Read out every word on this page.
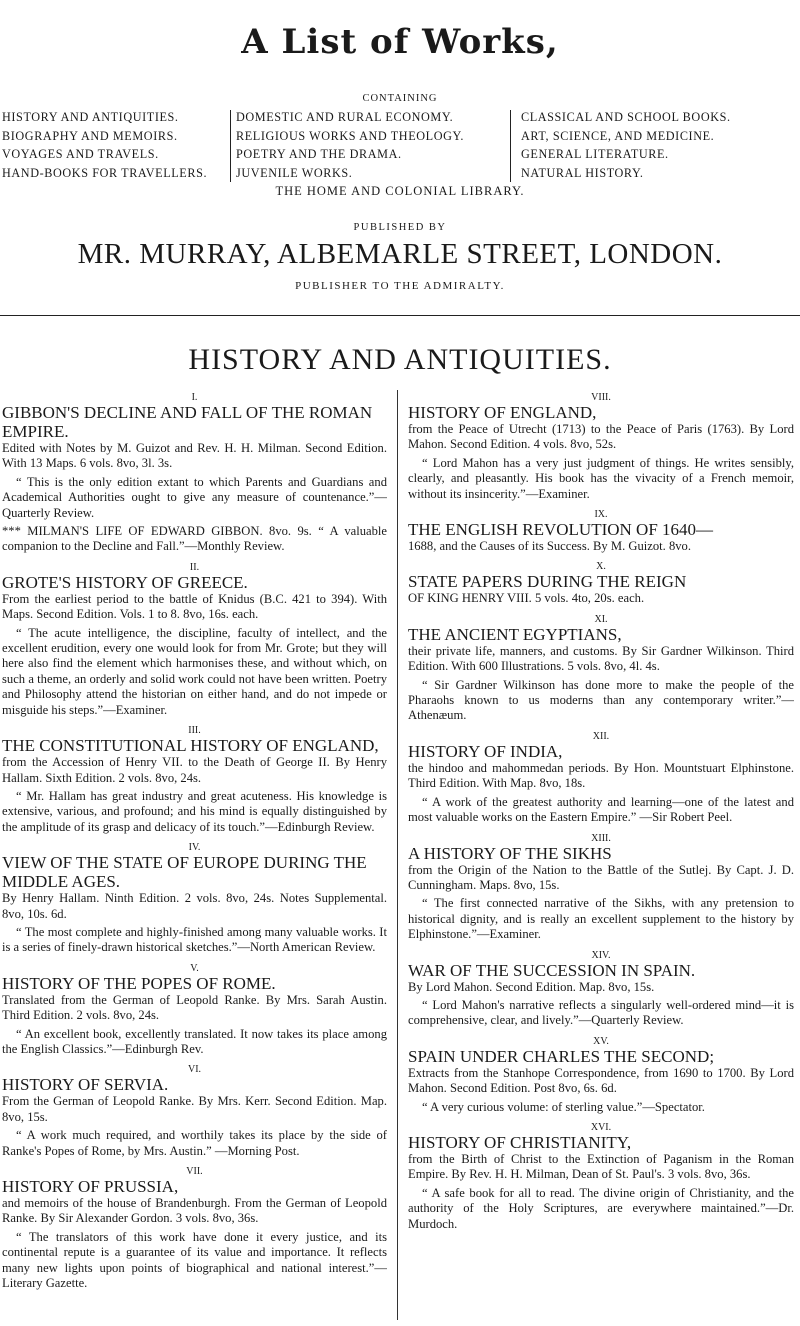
A List of Works,
CONTAINING
HISTORY AND ANTIQUITIES.
BIOGRAPHY AND MEMOIRS.
VOYAGES AND TRAVELS.
HAND-BOOKS FOR TRAVELLERS.
DOMESTIC AND RURAL ECONOMY.
RELIGIOUS WORKS AND THEOLOGY.
POETRY AND THE DRAMA.
JUVENILE WORKS.
CLASSICAL AND SCHOOL BOOKS.
ART, SCIENCE, AND MEDICINE.
GENERAL LITERATURE.
NATURAL HISTORY.
THE HOME AND COLONIAL LIBRARY.
PUBLISHED BY
MR. MURRAY, ALBEMARLE STREET, LONDON.
PUBLISHER TO THE ADMIRALTY.
HISTORY AND ANTIQUITIES.
I.
GIBBON'S DECLINE AND FALL OF THE ROMAN EMPIRE.
Edited with Notes by M. Guizot and Rev. H. H. Milman. Second Edition. With 13 Maps. 6 vols. 8vo, 3l. 3s.
“ This is the only edition extant to which Parents and Guardians and Academical Authorities ought to give any measure of countenance.”—Quarterly Review.
*** MILMAN'S LIFE OF EDWARD GIBBON. 8vo. 9s. “ A valuable companion to the Decline and Fall.”—Monthly Review.
II.
GROTE'S HISTORY OF GREECE.
From the earliest period to the battle of Knidus (B.C. 421 to 394). With Maps. Second Edition. Vols. 1 to 8. 8vo, 16s. each.
“ The acute intelligence, the discipline, faculty of intellect, and the excellent erudition, every one would look for from Mr. Grote; but they will here also find the element which harmonises these, and without which, on such a theme, an orderly and solid work could not have been written. Poetry and Philosophy attend the historian on either hand, and do not impede or misguide his steps.”—Examiner.
III.
THE CONSTITUTIONAL HISTORY OF ENGLAND,
from the Accession of Henry VII. to the Death of George II. By Henry Hallam. Sixth Edition. 2 vols. 8vo, 24s.
“ Mr. Hallam has great industry and great acuteness. His knowledge is extensive, various, and profound; and his mind is equally distinguished by the amplitude of its grasp and delicacy of its touch.”—Edinburgh Review.
IV.
VIEW OF THE STATE OF EUROPE DURING THE MIDDLE AGES.
By Henry Hallam. Ninth Edition. 2 vols. 8vo, 24s. Notes Supplemental. 8vo, 10s. 6d.
“ The most complete and highly-finished among many valuable works. It is a series of finely-drawn historical sketches.”—North American Review.
V.
HISTORY OF THE POPES OF ROME.
Translated from the German of Leopold Ranke. By Mrs. Sarah Austin. Third Edition. 2 vols. 8vo, 24s.
“ An excellent book, excellently translated. It now takes its place among the English Classics.”—Edinburgh Rev.
VI.
HISTORY OF SERVIA.
From the German of Leopold Ranke. By Mrs. Kerr. Second Edition. Map. 8vo, 15s.
“ A work much required, and worthily takes its place by the side of Ranke's Popes of Rome, by Mrs. Austin.” —Morning Post.
VII.
HISTORY OF PRUSSIA,
and memoirs of the house of Brandenburgh. From the German of Leopold Ranke. By Sir Alexander Gordon. 3 vols. 8vo, 36s.
“ The translators of this work have done it every justice, and its continental repute is a guarantee of its value and importance. It reflects many new lights upon points of biographical and national interest.”—Literary Gazette.
VIII.
HISTORY OF ENGLAND,
from the Peace of Utrecht (1713) to the Peace of Paris (1763). By Lord Mahon. Second Edition. 4 vols. 8vo, 52s.
“ Lord Mahon has a very just judgment of things. He writes sensibly, clearly, and pleasantly. His book has the vivacity of a French memoir, without its insincerity.”—Examiner.
IX.
THE ENGLISH REVOLUTION OF 1640—
1688, and the Causes of its Success. By M. Guizot. 8vo.
X.
STATE PAPERS DURING THE REIGN
OF KING HENRY VIII. 5 vols. 4to, 20s. each.
XI.
THE ANCIENT EGYPTIANS,
their private life, manners, and customs. By Sir Gardner Wilkinson. Third Edition. With 600 Illustrations. 5 vols. 8vo, 4l. 4s.
“ Sir Gardner Wilkinson has done more to make the people of the Pharaohs known to us moderns than any contemporary writer.”—Athenæum.
XII.
HISTORY OF INDIA,
the hindoo and mahommedan periods. By Hon. Mountstuart Elphinstone. Third Edition. With Map. 8vo, 18s.
“ A work of the greatest authority and learning—one of the latest and most valuable works on the Eastern Empire.” —Sir Robert Peel.
XIII.
A HISTORY OF THE SIKHS
from the Origin of the Nation to the Battle of the Sutlej. By Capt. J. D. Cunningham. Maps. 8vo, 15s.
“ The first connected narrative of the Sikhs, with any pretension to historical dignity, and is really an excellent supplement to the history by Elphinstone.”—Examiner.
XIV.
WAR OF THE SUCCESSION IN SPAIN.
By Lord Mahon. Second Edition. Map. 8vo, 15s.
“ Lord Mahon's narrative reflects a singularly well-ordered mind—it is comprehensive, clear, and lively.”—Quarterly Review.
XV.
SPAIN UNDER CHARLES THE SECOND;
Extracts from the Stanhope Correspondence, from 1690 to 1700. By Lord Mahon. Second Edition. Post 8vo, 6s. 6d.
“ A very curious volume: of sterling value.”—Spectator.
XVI.
HISTORY OF CHRISTIANITY,
from the Birth of Christ to the Extinction of Paganism in the Roman Empire. By Rev. H. H. Milman, Dean of St. Paul's. 3 vols. 8vo, 36s.
“ A safe book for all to read. The divine origin of Christianity, and the authority of the Holy Scriptures, are everywhere maintained.”—Dr. Murdoch.
